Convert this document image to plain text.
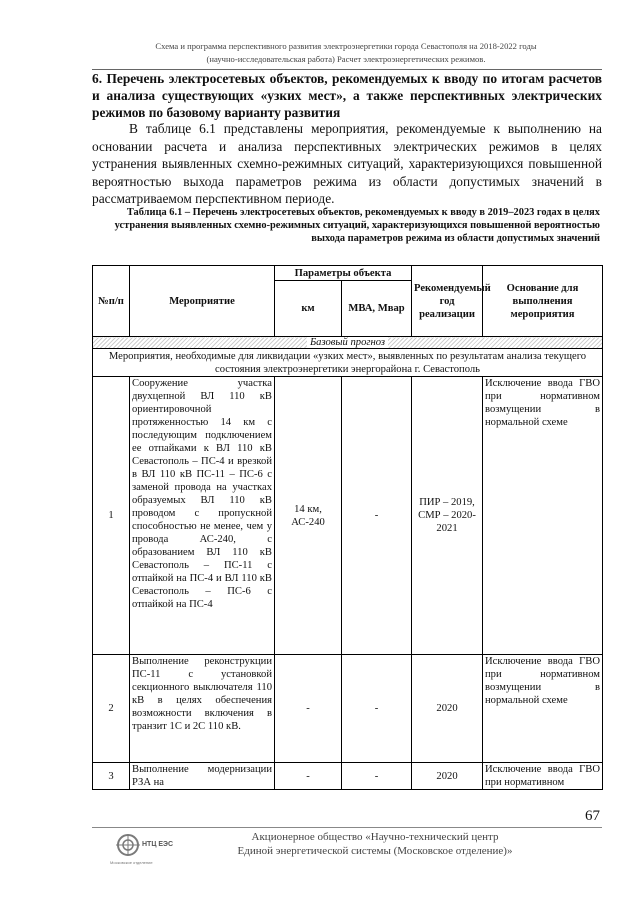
Схема и программа перспективного развития электроэнергетики города Севастополя на 2018-2022 годы
(научно-исследовательская работа) Расчет электроэнергетических режимов.
6. Перечень электросетевых объектов, рекомендуемых к вводу по итогам расчетов и анализа существующих «узких мест», а также перспективных электрических режимов по базовому варианту развития
В таблице 6.1 представлены мероприятия, рекомендуемые к выполнению на основании расчета и анализа перспективных электрических режимов в целях устранения выявленных схемно-режимных ситуаций, характеризующихся повышенной вероятностью выхода параметров режима из области допустимых значений в рассматриваемом перспективном периоде.
Таблица 6.1 – Перечень электросетевых объектов, рекомендуемых к вводу в 2019–2023 годах в целях устранения выявленных схемно-режимных ситуаций, характеризующихся повышенной вероятностью выхода параметров режима из области допустимых значений
№п/п	Мероприятие	Параметры объекта		Рекомендуемый год реализации	Основание для выполнения мероприятия
		км	МВА, Мвар		
Базовый прогноз					
Мероприятия, необходимые для ликвидации «узких мест», выявленных по результатам анализа текущего состояния электроэнергетики энергорайона г. Севастополь					
1	Сооружение участка двухцепной ВЛ 110 кВ ориентировочной протяженностью 14 км с последующим подключением ее отпайками к ВЛ 110 кВ Севастополь – ПС-4 и врезкой в ВЛ 110 кВ ПС-11 – ПС-6 с заменой провода на участках образуемых ВЛ 110 кВ проводом с пропускной способностью не менее, чем у провода АС-240, с образованием ВЛ 110 кВ Севастополь – ПС-11 с отпайкой на ПС-4 и ВЛ 110 кВ Севастополь – ПС-6 с отпайкой на ПС-4	14 км, АС-240	-	ПИР – 2019, СМР – 2020-2021	Исключение ввода ГВО при нормативном возмущении в нормальной схеме
2	Выполнение реконструкции ПС-11 с установкой секционного выключателя 110 кВ в целях обеспечения возможности включения в транзит 1С и 2С 110 кВ.	-	-	2020	Исключение ввода ГВО при нормативном возмущении в нормальной схеме
3	Выполнение модернизации РЗА на	-	-	2020	Исключение ввода ГВО при нормативном
67
НТЦ ЕЭС
Московское отделение
Акционерное общество «Научно-технический центр
Единой энергетической системы (Московское отделение)»
